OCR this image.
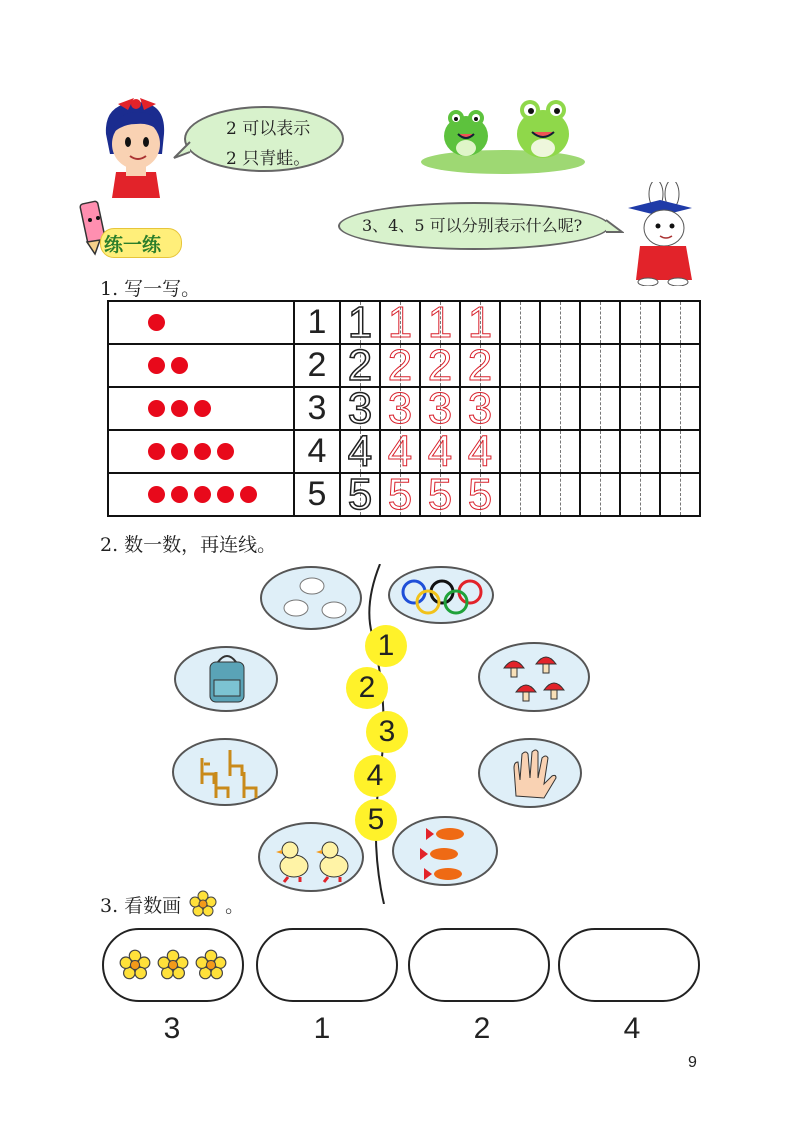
2 可以表示
2 只青蛙。
练一练
3、4、5 可以分别表示什么呢?
1. 写一写。
	1	1	1	1	1					

	2	2	2	2	2					

	3	3	3	3	3					

	4	4	4	4	4					

	5	5	5	5	5					

2. 数一数，再连线。
1
2
3
4
5
3. 看数画 。
3	1	2	4
9
